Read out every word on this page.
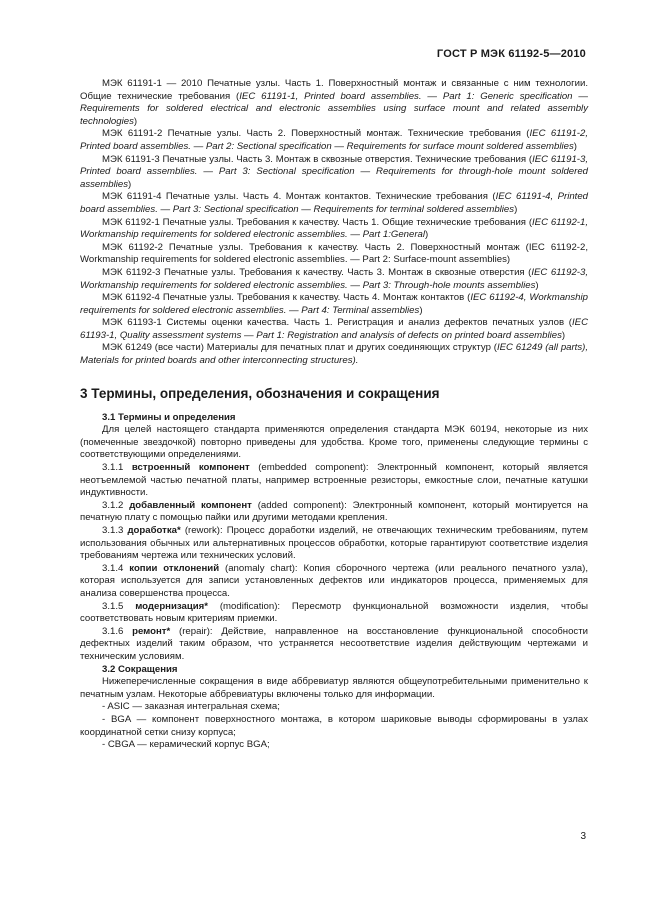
ГОСТ Р МЭК 61192-5—2010

МЭК 61191-1 — 2010 Печатные узлы. Часть 1. Поверхностный монтаж и связанные с ним технологии. Общие технические требования (IEC 61191-1, Printed board assemblies. — Part 1: Generic specification — Requirements for soldered electrical and electronic assemblies using surface mount and related assembly technologies)

МЭК 61191-2 Печатные узлы. Часть 2. Поверхностный монтаж. Технические требования (IEC 61191-2, Printed board assemblies. — Part 2: Sectional specification — Requirements for surface mount soldered assemblies)

МЭК 61191-3 Печатные узлы. Часть 3. Монтаж в сквозные отверстия. Технические требования (IEC 61191-3, Printed board assemblies. — Part 3: Sectional specification — Requirements for through-hole mount soldered assemblies)

МЭК 61191-4 Печатные узлы. Часть 4. Монтаж контактов. Технические требования (IEC 61191-4, Printed board assemblies. — Part 3: Sectional specification — Requirements for terminal soldered assemblies)

МЭК 61192-1 Печатные узлы. Требования к качеству. Часть 1. Общие технические требования (IEC 61192-1, Workmanship requirements for soldered electronic assemblies. — Part 1:General)

МЭК 61192-2 Печатные узлы. Требования к качеству. Часть 2. Поверхностный монтаж (IEC 61192-2, Workmanship requirements for soldered electronic assemblies. — Part 2: Surface-mount assemblies)

МЭК 61192-3 Печатные узлы. Требования к качеству. Часть 3. Монтаж в сквозные отверстия (IEC 61192-3, Workmanship requirements for soldered electronic assemblies. — Part 3: Through-hole mounts assemblies)

МЭК 61192-4 Печатные узлы. Требования к качеству. Часть 4. Монтаж контактов (IEC 61192-4, Workmanship requirements for soldered electronic assemblies. — Part 4: Terminal assemblies)

МЭК 61193-1 Системы оценки качества. Часть 1. Регистрация и анализ дефектов печатных узлов (IEC 61193-1, Quality assessment systems — Part 1: Registration and analysis of defects on printed board assemblies)

МЭК 61249 (все части) Материалы для печатных плат и других соединяющих структур (IEC 61249 (all parts), Materials for printed boards and other interconnecting structures).

3 Термины, определения, обозначения и сокращения

3.1 Термины и определения

Для целей настоящего стандарта применяются определения стандарта МЭК 60194, некоторые из них (помеченные звездочкой) повторно приведены для удобства. Кроме того, применены следующие термины с соответствующими определениями.

3.1.1 встроенный компонент (embedded component): Электронный компонент, который является неотъемлемой частью печатной платы, например встроенные резисторы, емкостные слои, печатные катушки индуктивности.

3.1.2 добавленный компонент (added component): Электронный компонент, который монтируется на печатную плату с помощью пайки или другими методами крепления.

3.1.3 доработка* (rework): Процесс доработки изделий, не отвечающих техническим требованиям, путем использования обычных или альтернативных процессов обработки, которые гарантируют соответствие изделия требованиям чертежа или технических условий.

3.1.4 копии отклонений (anomaly chart): Копия сборочного чертежа (или реального печатного узла), которая используется для записи установленных дефектов или индикаторов процесса, применяемых для анализа совершенства процесса.

3.1.5 модернизация* (modification): Пересмотр функциональной возможности изделия, чтобы соответствовать новым критериям приемки.

3.1.6 ремонт* (repair): Действие, направленное на восстановление функциональной способности дефектных изделий таким образом, что устраняется несоответствие изделия действующим чертежами и техническим условиям.

3.2 Сокращения

Нижеперечисленные сокращения в виде аббревиатур являются общеупотребительными применительно к печатным узлам. Некоторые аббревиатуры включены только для информации.

- ASIC — заказная интегральная схема;

- BGA — компонент поверхностного монтажа, в котором шариковые выводы сформированы в узлах координатной сетки снизу корпуса;

- CBGA — керамический корпус BGA;

3
